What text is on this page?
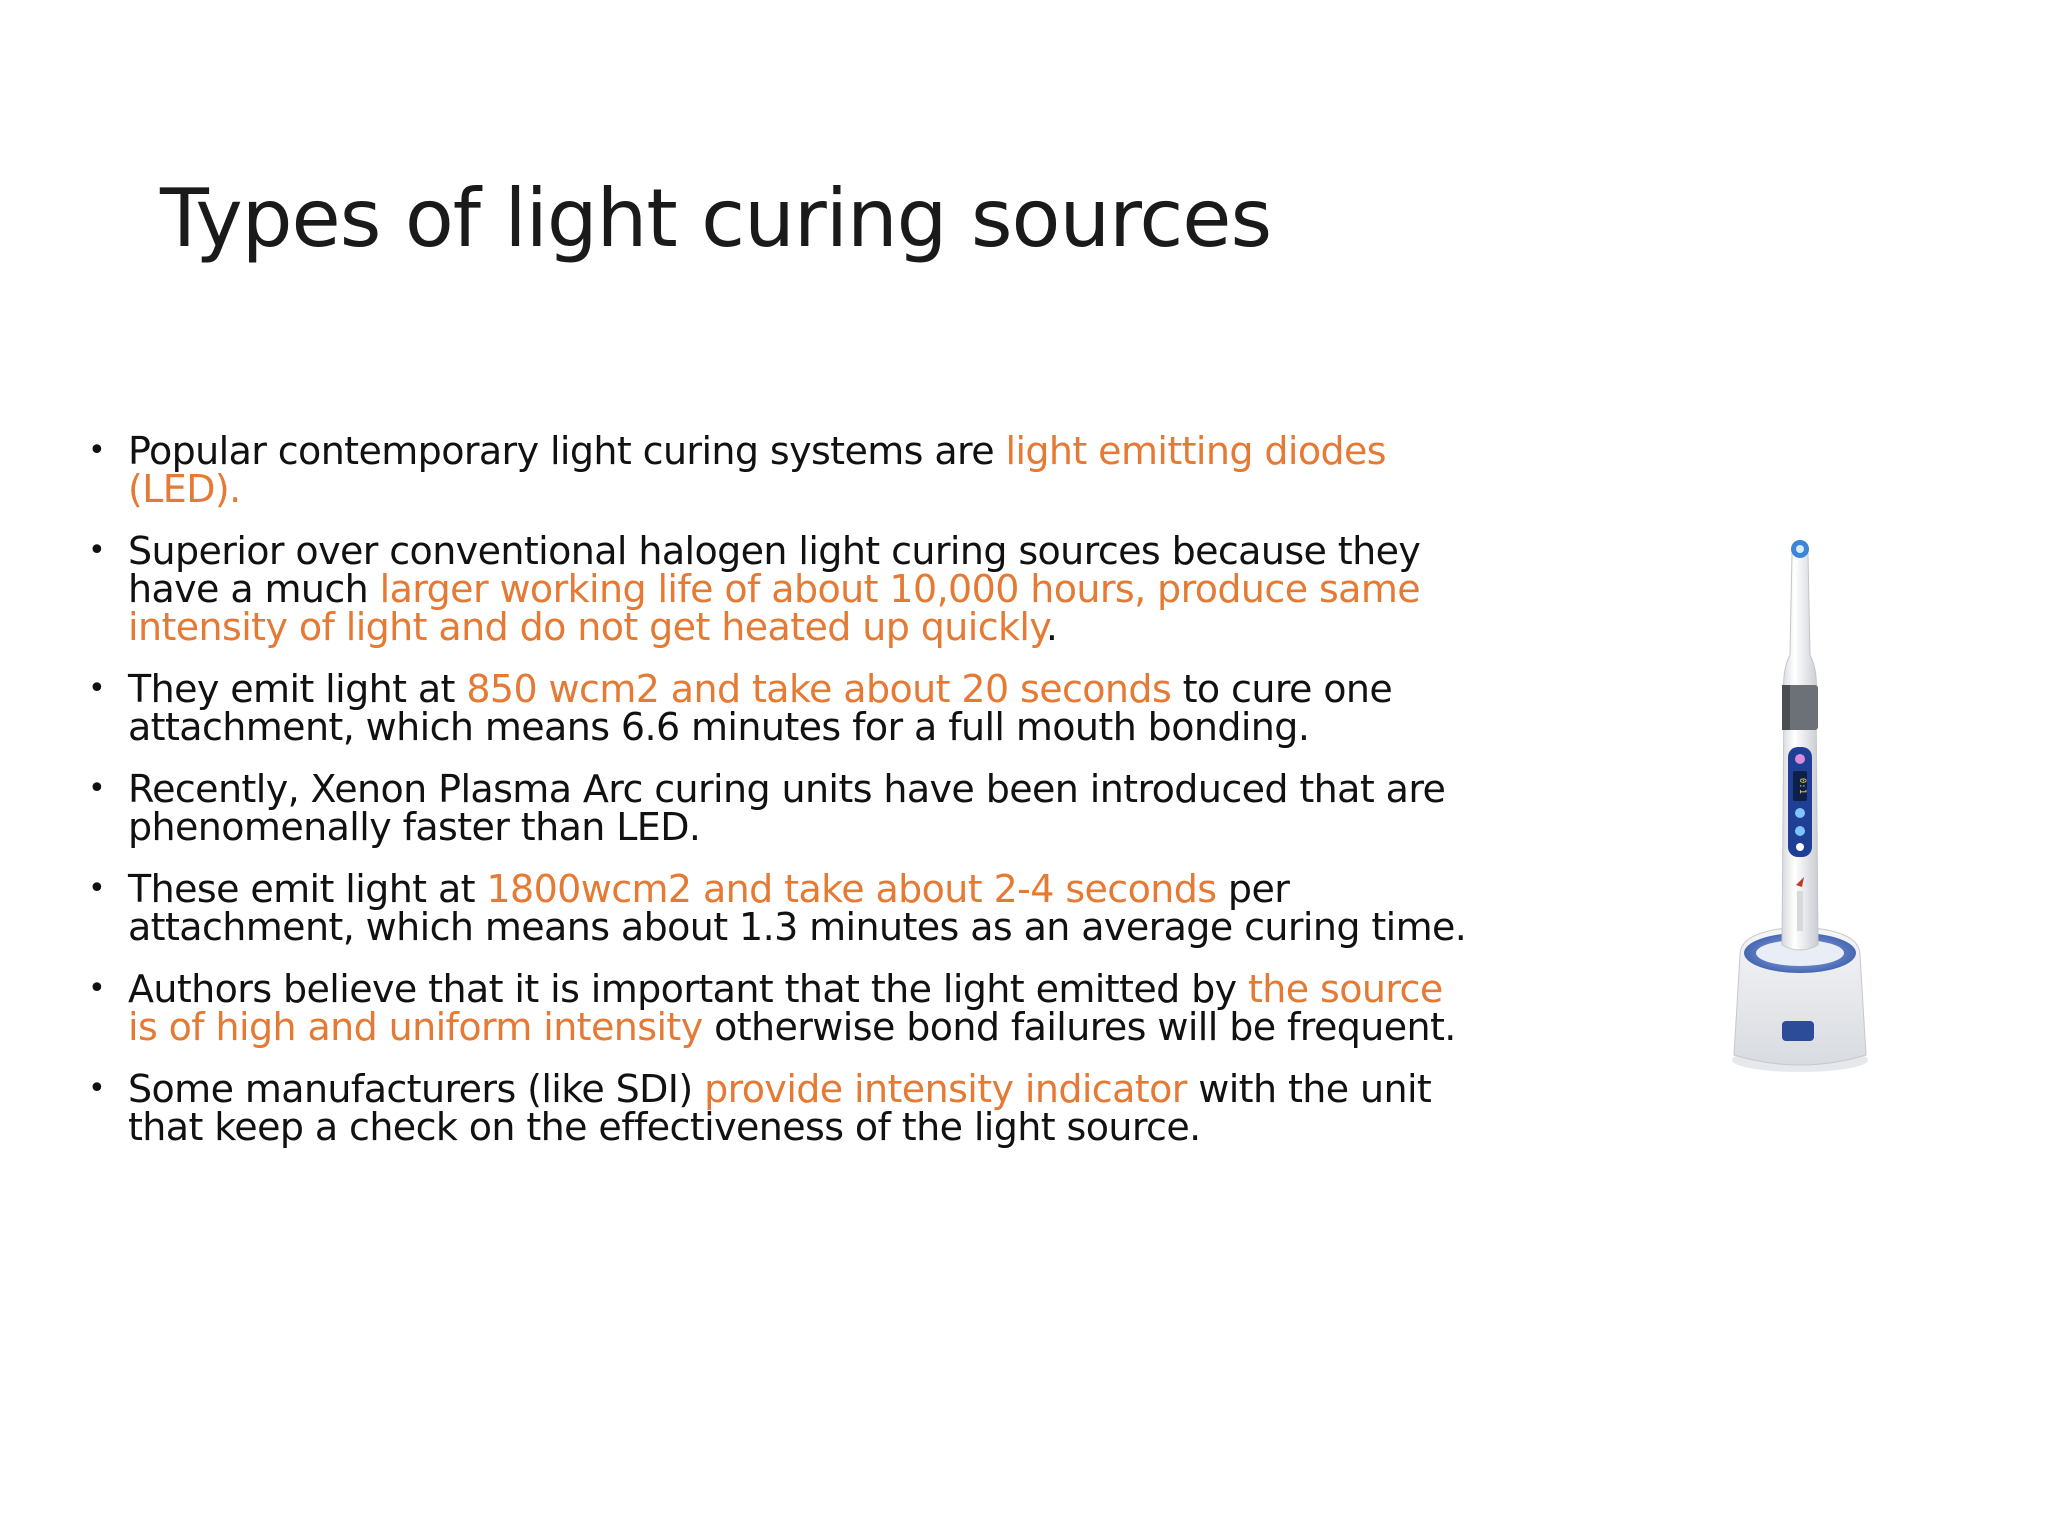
Types of light curing sources
• Popular contemporary light curing systems are light emitting diodes (LED).
• Superior over conventional halogen light curing sources because they have a much larger working life of about 10,000 hours, produce same intensity of light and do not get heated up quickly.
• They emit light at 850 wcm2 and take about 20 seconds to cure one attachment, which means 6.6 minutes for a full mouth bonding.
• Recently, Xenon Plasma Arc curing units have been introduced that are phenomenally faster than LED.
• These emit light at 1800wcm2 and take about 2-4 seconds per attachment, which means about 1.3 minutes as an average curing time.
• Authors believe that it is important that the light emitted by the source is of high and uniform intensity otherwise bond failures will be frequent.
• Some manufacturers (like SDI) provide intensity indicator with the unit that keep a check on the effectiveness of the light source.
0:1
